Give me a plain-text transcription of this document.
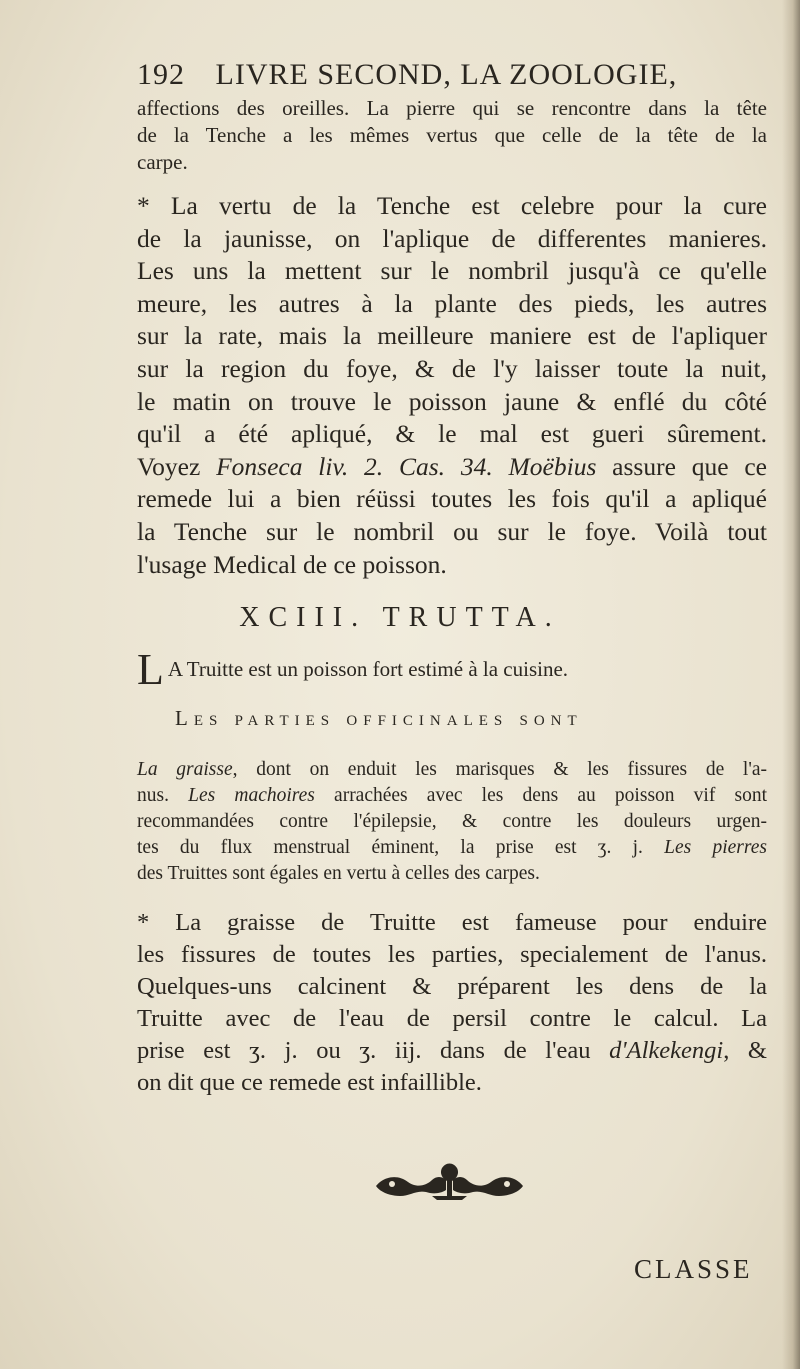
192 LIVRE SECOND, LA ZOOLOGIE,
affections des oreilles. La pierre qui se rencontre dans la tête
de la Tenche a les mêmes vertus que celle de la tête de la
carpe.
* La vertu de la Tenche est celebre pour la cure
de la jaunisse, on l'aplique de differentes manieres.
Les uns la mettent sur le nombril jusqu'à ce qu'elle
meure, les autres à la plante des pieds, les autres
sur la rate, mais la meilleure maniere est de l'apliquer
sur la region du foye, & de l'y laisser toute la nuit,
le matin on trouve le poisson jaune & enflé du côté
qu'il a été apliqué, & le mal est gueri sûrement.
Voyez Fonseca liv. 2. Cas. 34. Moëbius assure que ce
remede lui a bien réüssi toutes les fois qu'il a apliqué
la Tenche sur le nombril ou sur le foye. Voilà tout
l'usage Medical de ce poisson.
XCIII. TRUTTA.
L A Truitte est un poisson fort estimé à la cuisine.
Les parties officinales sont
La graisse, dont on enduit les marisques & les fissures de l'a-
nus. Les machoires arrachées avec les dens au poisson vif sont
recommandées contre l'épilepsie, & contre les douleurs urgen-
tes du flux menstrual éminent, la prise est ʒ. j. Les pierres
des Truittes sont égales en vertu à celles des carpes.
* La graisse de Truitte est fameuse pour enduire
les fissures de toutes les parties, specialement de l'anus.
Quelques-uns calcinent & préparent les dens de la
Truitte avec de l'eau de persil contre le calcul. La
prise est ʒ. j. ou ʒ. iij. dans de l'eau d'Alkekengi, &
on dit que ce remede est infaillible.
CLASSE
